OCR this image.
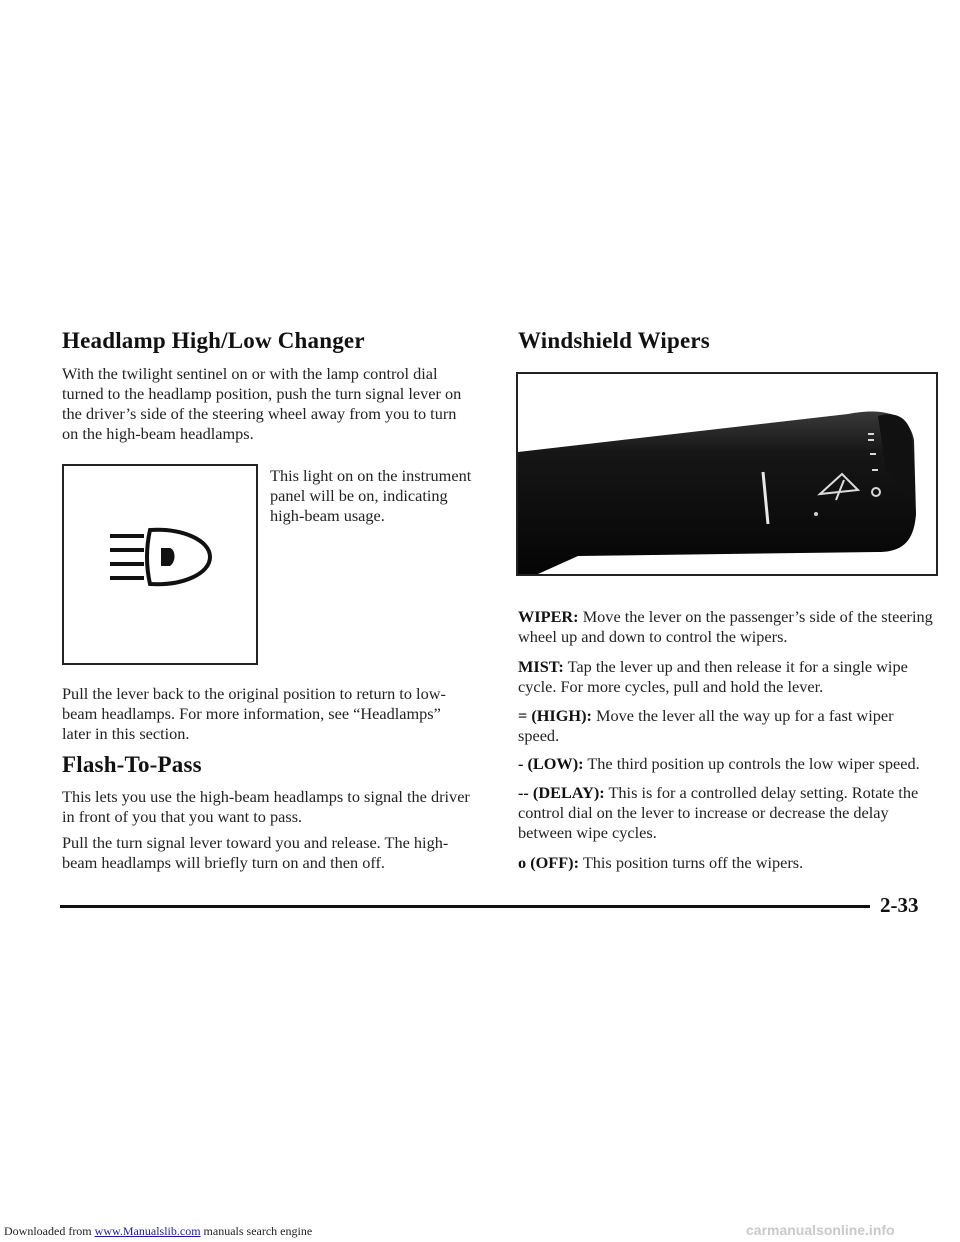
Headlamp High/Low Changer

With the twilight sentinel on or with the lamp control dial turned to the headlamp position, push the turn signal lever on the driver’s side of the steering wheel away from you to turn on the high-beam headlamps.

This light on on the instrument panel will be on, indicating high-beam usage.

Pull the lever back to the original position to return to low-beam headlamps. For more information, see “Headlamps” later in this section.

Flash-To-Pass

This lets you use the high-beam headlamps to signal the driver in front of you that you want to pass.

Pull the turn signal lever toward you and release. The high-beam headlamps will briefly turn on and then off.

Windshield Wipers

WIPER: Move the lever on the passenger’s side of the steering wheel up and down to control the wipers.

MIST: Tap the lever up and then release it for a single wipe cycle. For more cycles, pull and hold the lever.

= (HIGH): Move the lever all the way up for a fast wiper speed.

- (LOW): The third position up controls the low wiper speed.

-- (DELAY): This is for a controlled delay setting. Rotate the control dial on the lever to increase or decrease the delay between wipe cycles.

o (OFF): This position turns off the wipers.

2-33
Downloaded from www.Manualslib.com manuals search engine	carmanualsonline.info
